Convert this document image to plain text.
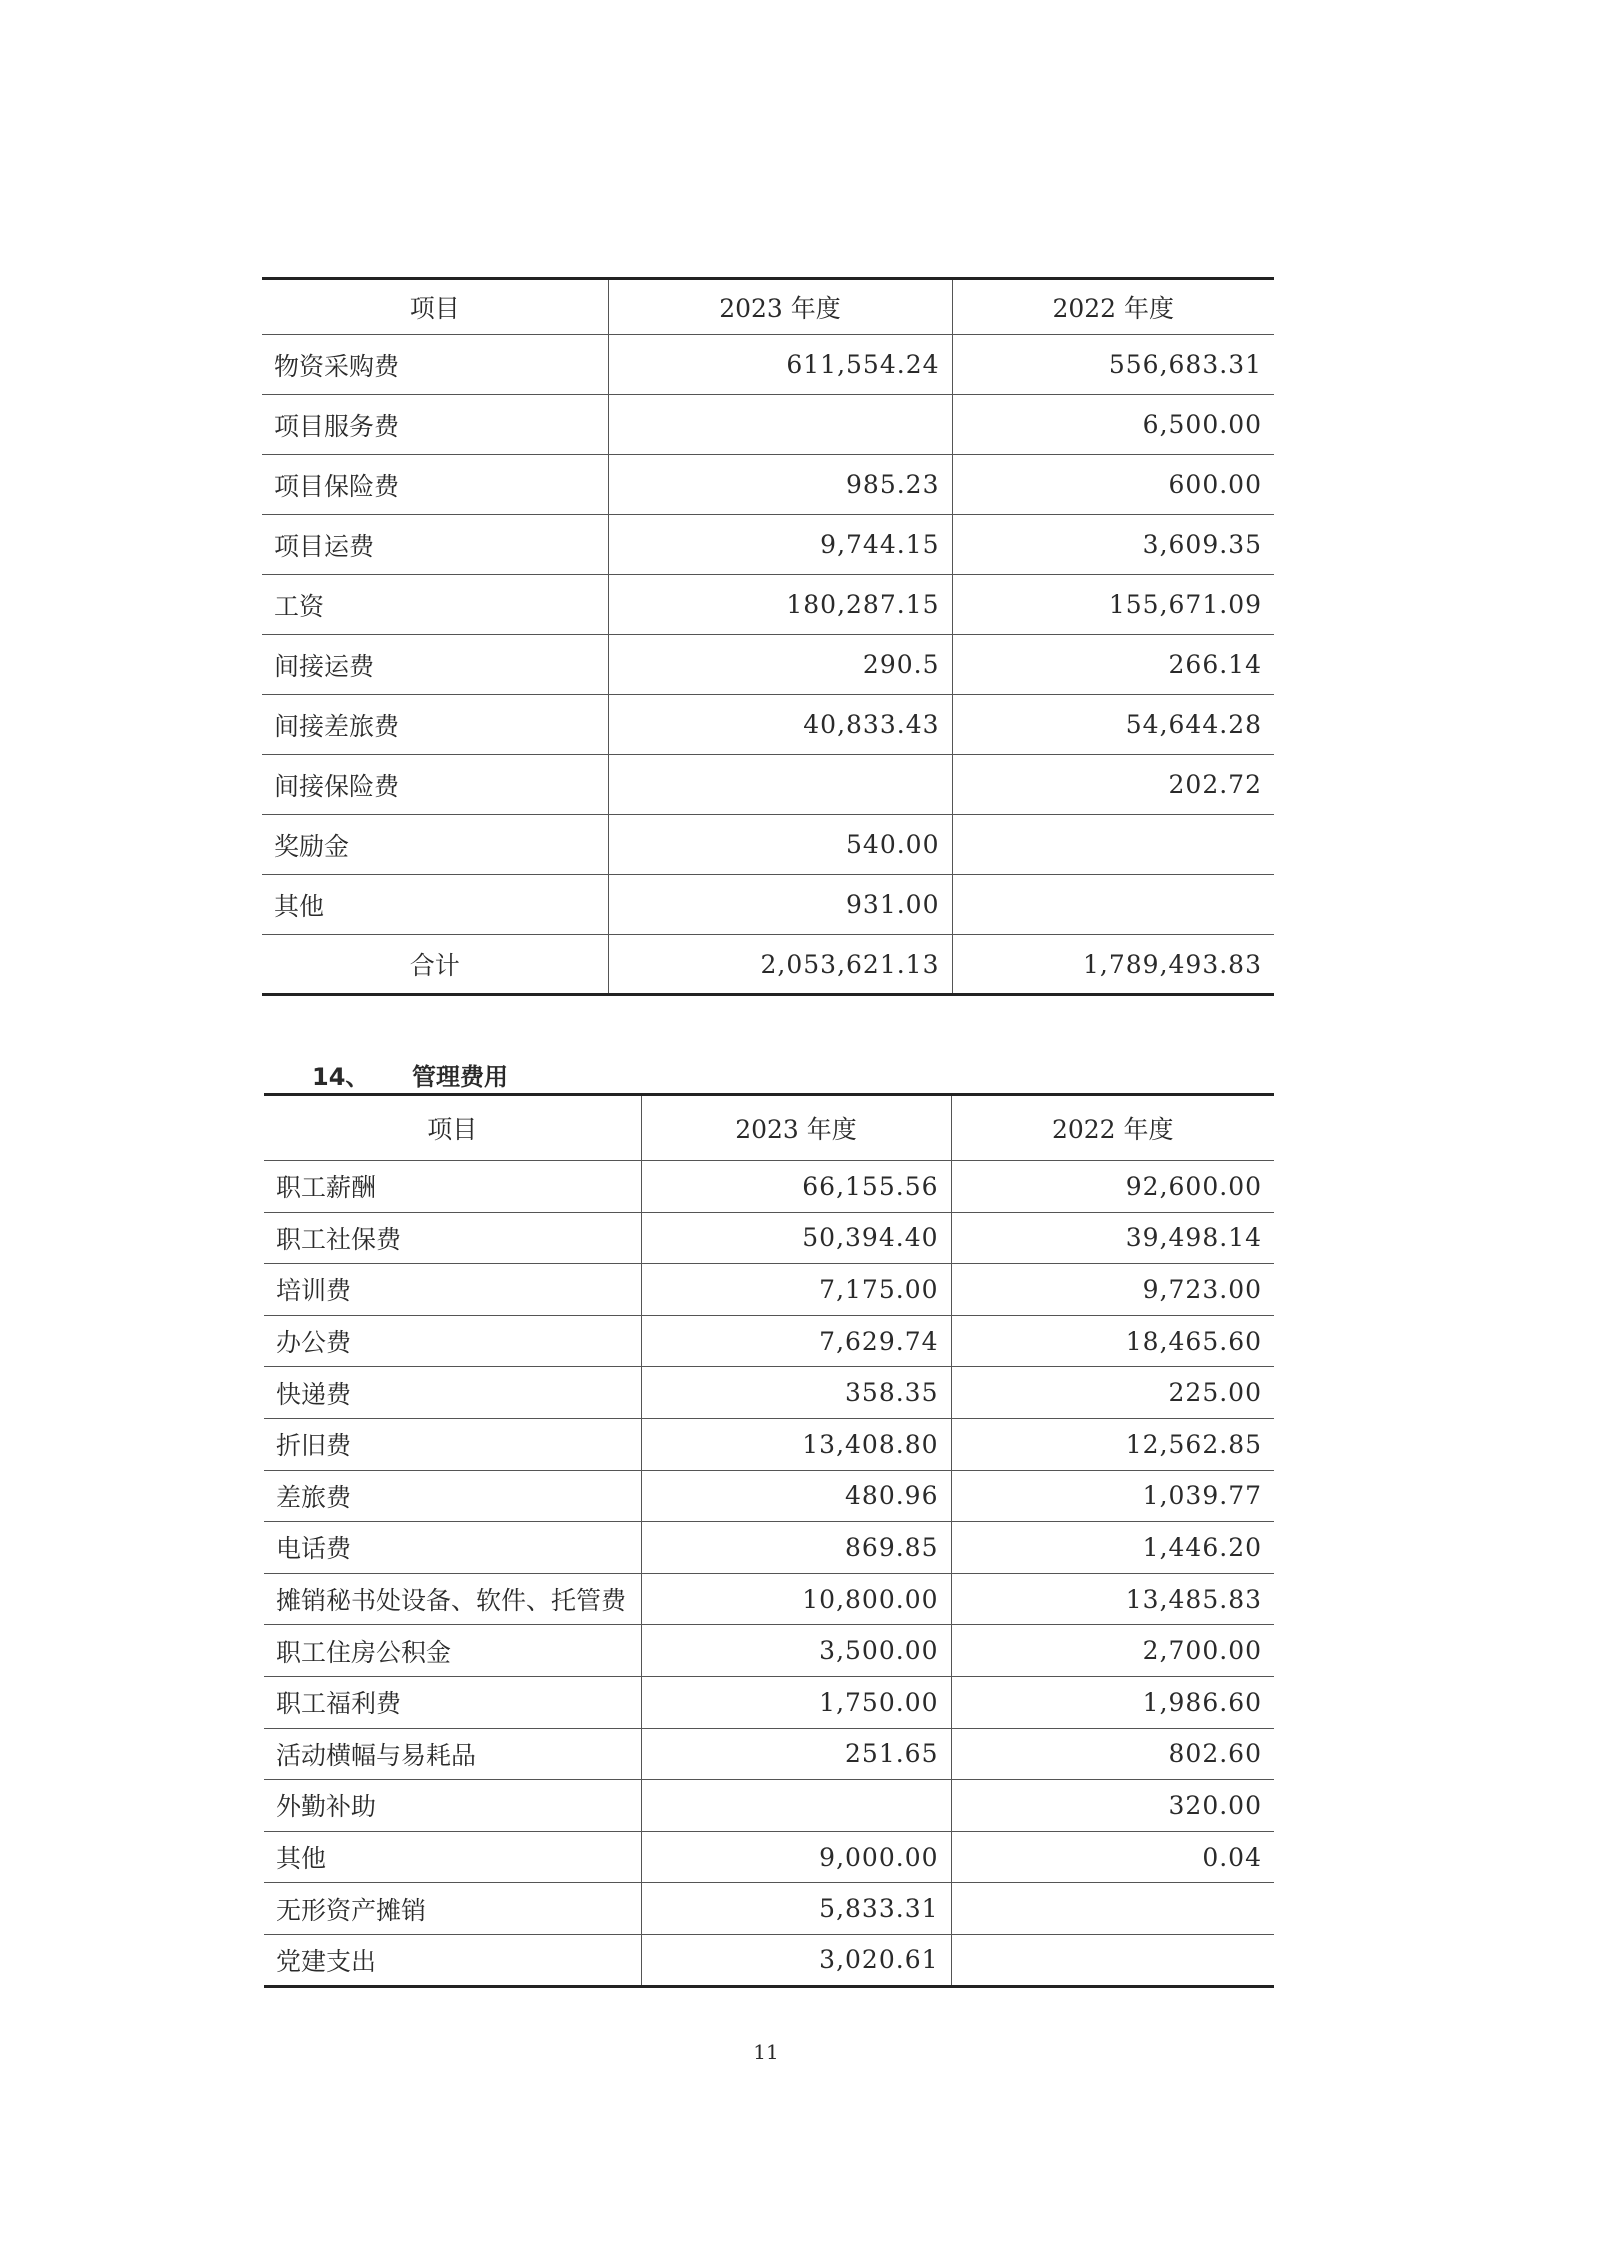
项目	2023 年度	2022 年度
物资采购费	611,554.24	556,683.31
项目服务费		6,500.00
项目保险费	985.23	600.00
项目运费	9,744.15	3,609.35
工资	180,287.15	155,671.09
间接运费	290.5	266.14
间接差旅费	40,833.43	54,644.28
间接保险费		202.72
奖励金	540.00	
其他	931.00	
合计	2,053,621.13	1,789,493.83
14、 管理费用
项目	2023 年度	2022 年度
职工薪酬	66,155.56	92,600.00
职工社保费	50,394.40	39,498.14
培训费	7,175.00	9,723.00
办公费	7,629.74	18,465.60
快递费	358.35	225.00
折旧费	13,408.80	12,562.85
差旅费	480.96	1,039.77
电话费	869.85	1,446.20
摊销秘书处设备、软件、托管费	10,800.00	13,485.83
职工住房公积金	3,500.00	2,700.00
职工福利费	1,750.00	1,986.60
活动横幅与易耗品	251.65	802.60
外勤补助		320.00
其他	9,000.00	0.04
无形资产摊销	5,833.31	
党建支出	3,020.61	
11
